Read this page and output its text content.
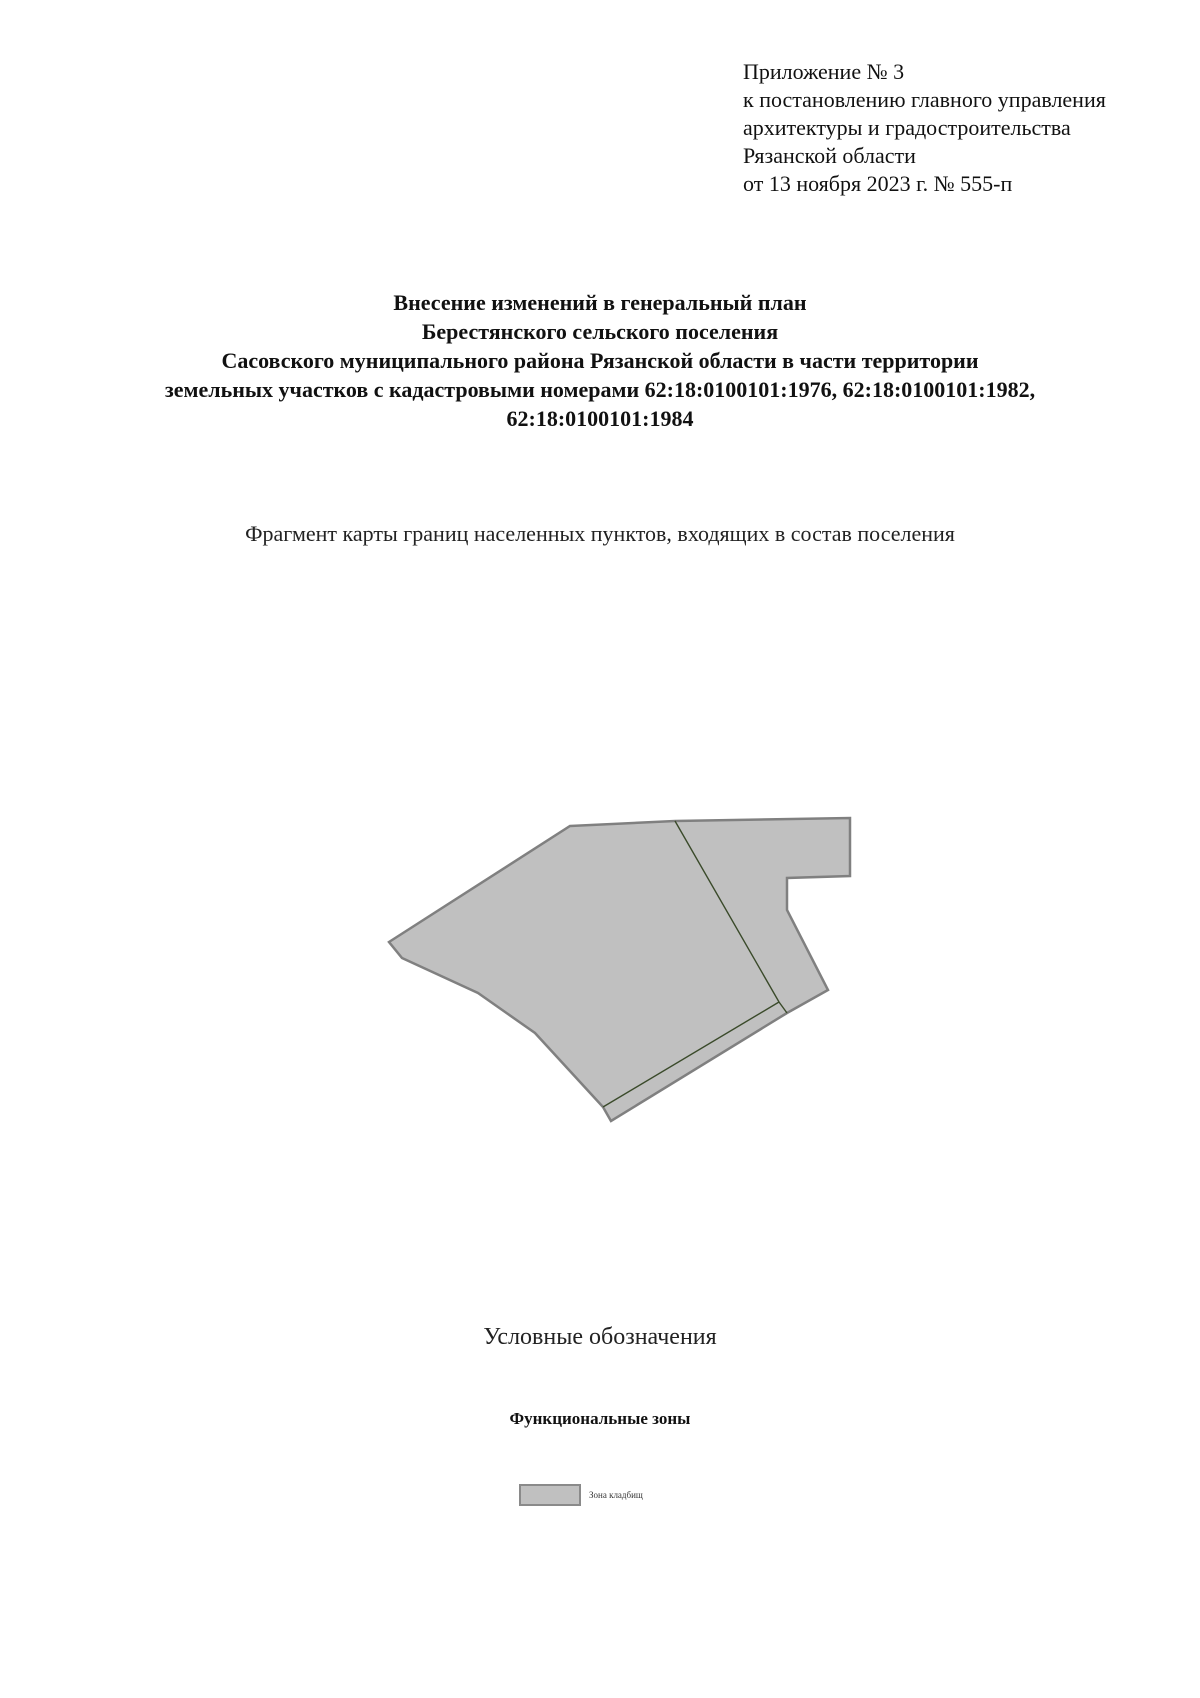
Приложение № 3
к постановлению главного управления
архитектуры и градостроительства
Рязанской области
от 13 ноября 2023 г. № 555-п
Внесение изменений в генеральный план
Берестянского сельского поселения
Сасовского муниципального района Рязанской области в части территории
земельных участков с кадастровыми номерами 62:18:0100101:1976, 62:18:0100101:1982,
62:18:0100101:1984
Фрагмент карты границ населенных пунктов, входящих в состав поселения
Условные обозначения
Функциональные зоны
Зона кладбищ
